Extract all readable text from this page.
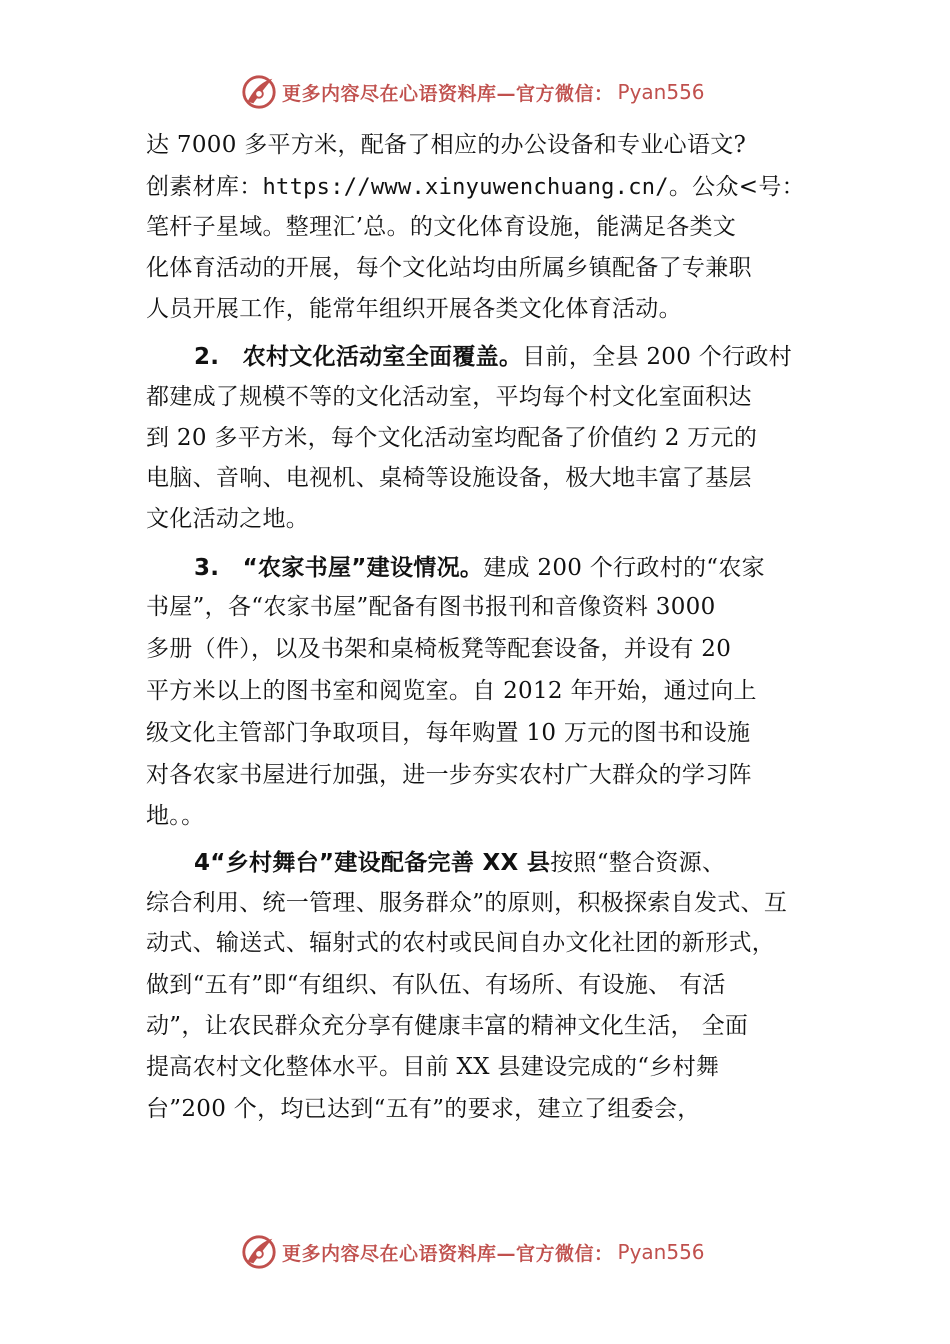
更多内容尽在心语资料库—官方微信： Pyan556
达 7000 多平方米，配备了相应的办公设备和专业心语文?
创素材库：https://www.xinyuwenchuang.cn/。公众<号：
笔杆子星域。整理汇’总。的文化体育设施，能满足各类文
化体育活动的开展，每个文化站均由所属乡镇配备了专兼职
人员开展工作，能常年组织开展各类文化体育活动。
2.　农村文化活动室全面覆盖。目前，全县 200 个行政村
都建成了规模不等的文化活动室，平均每个村文化室面积达
到 20 多平方米，每个文化活动室均配备了价值约 2 万元的
电脑、音响、电视机、桌椅等设施设备，极大地丰富了基层
文化活动之地。
3.　“农家书屋”建设情况。建成 200 个行政村的“农家
书屋”，各“农家书屋”配备有图书报刊和音像资料 3000
多册（件），以及书架和桌椅板凳等配套设备，并设有 20
平方米以上的图书室和阅览室。自 2012 年开始，通过向上
级文化主管部门争取项目，每年购置 10 万元的图书和设施
对各农家书屋进行加强，进一步夯实农村广大群众的学习阵
地。。
4“乡村舞台”建设配备完善 XX 县按照“整合资源、
综合利用、统一管理、服务群众”的原则，积极探索自发式、互
动式、输送式、辐射式的农村或民间自办文化社团的新形式，
做到“五有”即“有组织、有队伍、有场所、有设施、 有活
动”，让农民群众充分享有健康丰富的精神文化生活， 全面
提高农村文化整体水平。目前 XX 县建设完成的“乡村舞
台”200 个，均已达到“五有”的要求，建立了组委会，
更多内容尽在心语资料库—官方微信： Pyan556
